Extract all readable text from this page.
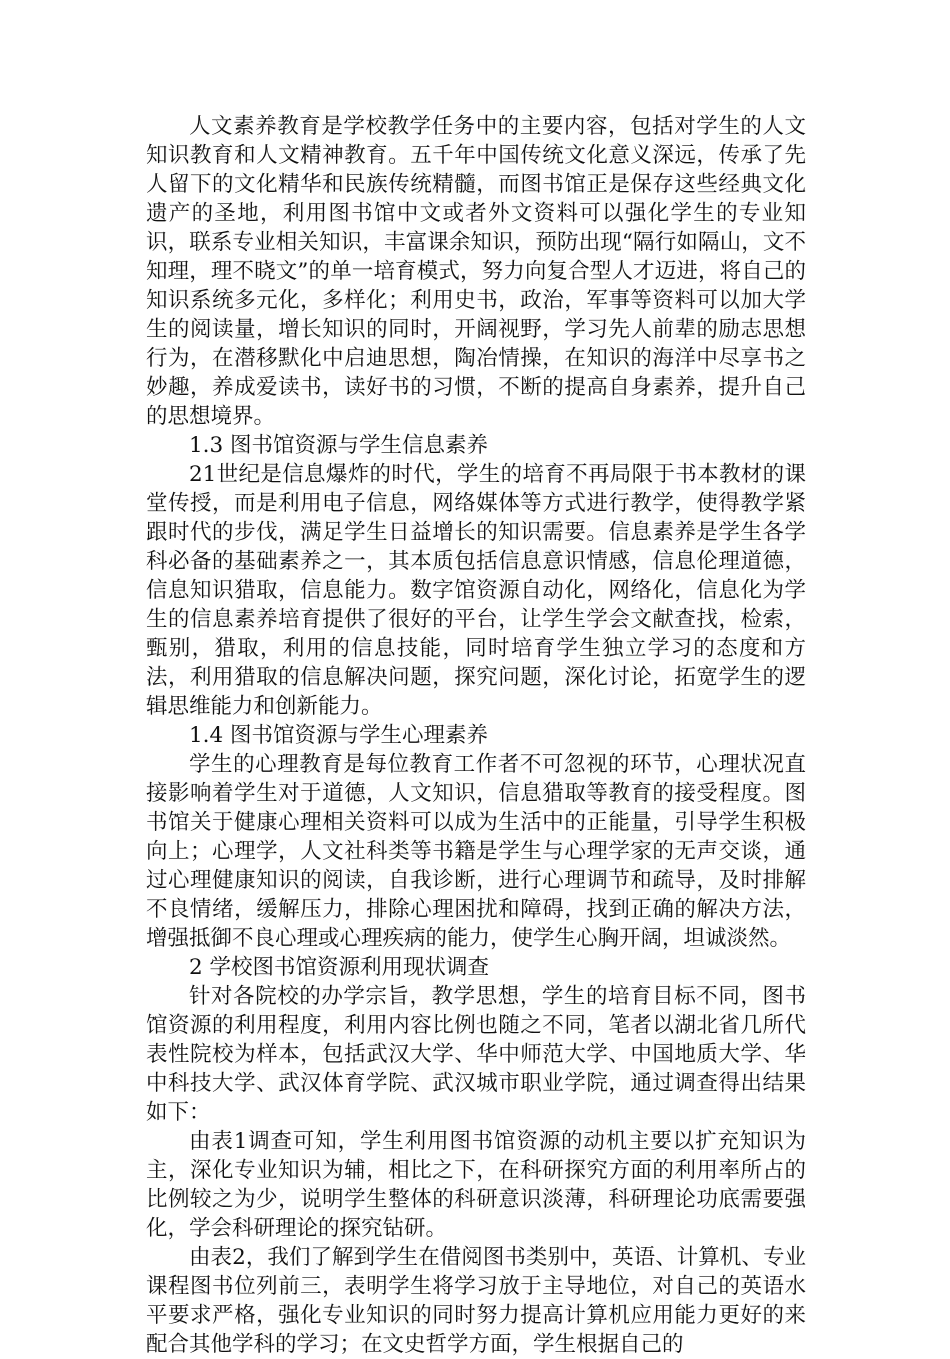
人文素养教育是学校教学任务中的主要内容，包括对学生的人文知识教育和人文精神教育。五千年中国传统文化意义深远，传承了先人留下的文化精华和民族传统精髓，而图书馆正是保存这些经典文化遗产的圣地，利用图书馆中文或者外文资料可以强化学生的专业知识，联系专业相关知识，丰富课余知识，预防出现“隔行如隔山，文不知理，理不晓文”的单一培育模式，努力向复合型人才迈进，将自己的知识系统多元化，多样化；利用史书，政治，军事等资料可以加大学生的阅读量，增长知识的同时，开阔视野，学习先人前辈的励志思想行为，在潜移默化中启迪思想，陶冶情操，在知识的海洋中尽享书之妙趣，养成爱读书，读好书的习惯，不断的提高自身素养，提升自己的思想境界。

1.3 图书馆资源与学生信息素养

21世纪是信息爆炸的时代，学生的培育不再局限于书本教材的课堂传授，而是利用电子信息，网络媒体等方式进行教学，使得教学紧跟时代的步伐，满足学生日益增长的知识需要。信息素养是学生各学科必备的基础素养之一，其本质包括信息意识情感，信息伦理道德，信息知识猎取，信息能力。数字馆资源自动化，网络化，信息化为学生的信息素养培育提供了很好的平台，让学生学会文献查找，检索，甄别，猎取，利用的信息技能，同时培育学生独立学习的态度和方法，利用猎取的信息解决问题，探究问题，深化讨论，拓宽学生的逻辑思维能力和创新能力。

1.4 图书馆资源与学生心理素养

学生的心理教育是每位教育工作者不可忽视的环节，心理状况直接影响着学生对于道德，人文知识，信息猎取等教育的接受程度。图书馆关于健康心理相关资料可以成为生活中的正能量，引导学生积极向上；心理学，人文社科类等书籍是学生与心理学家的无声交谈，通过心理健康知识的阅读，自我诊断，进行心理调节和疏导，及时排解不良情绪，缓解压力，排除心理困扰和障碍，找到正确的解决方法，增强抵御不良心理或心理疾病的能力，使学生心胸开阔，坦诚淡然。

2 学校图书馆资源利用现状调查

针对各院校的办学宗旨，教学思想，学生的培育目标不同，图书馆资源的利用程度，利用内容比例也随之不同，笔者以湖北省几所代表性院校为样本，包括武汉大学、华中师范大学、中国地质大学、华中科技大学、武汉体育学院、武汉城市职业学院，通过调查得出结果如下：

由表1调查可知，学生利用图书馆资源的动机主要以扩充知识为主，深化专业知识为辅，相比之下，在科研探究方面的利用率所占的比例较之为少，说明学生整体的科研意识淡薄，科研理论功底需要强化，学会科研理论的探究钻研。

由表2，我们了解到学生在借阅图书类别中，英语、计算机、专业课程图书位列前三，表明学生将学习放于主导地位，对自己的英语水平要求严格，强化专业知识的同时努力提高计算机应用能力更好的来配合其他学科的学习；在文史哲学方面，学生根据自己的
